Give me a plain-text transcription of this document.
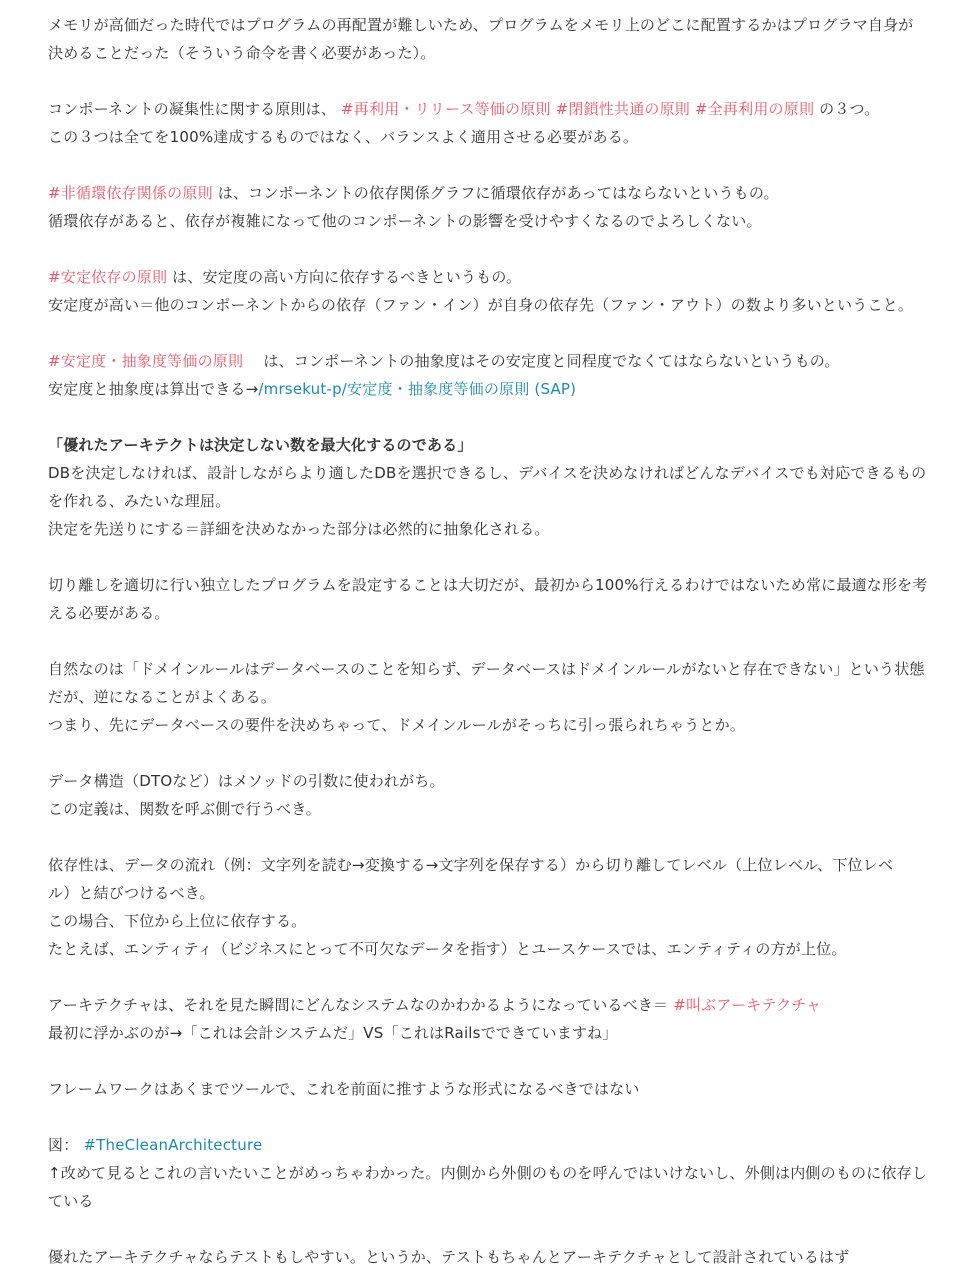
メモリが高価だった時代ではプログラムの再配置が難しいため、プログラムをメモリ上のどこに配置するかはプログラマ自身が
決めることだった（そういう命令を書く必要があった）。
コンポーネントの凝集性に関する原則は、 #再利用・リリース等価の原則 #閉鎖性共通の原則 #全再利用の原則 の３つ。
この３つは全てを100%達成するものではなく、バランスよく適用させる必要がある。
#非循環依存関係の原則 は、コンポーネントの依存関係グラフに循環依存があってはならないというもの。
循環依存があると、依存が複雑になって他のコンポーネントの影響を受けやすくなるのでよろしくない。
#安定依存の原則 は、安定度の高い方向に依存するべきというもの。
安定度が高い＝他のコンポーネントからの依存（ファン・イン）が自身の依存先（ファン・アウト）の数より多いということ。
#安定度・抽象度等価の原則 　は、コンポーネントの抽象度はその安定度と同程度でなくてはならないというもの。
安定度と抽象度は算出できる→/mrsekut-p/安定度・抽象度等価の原則 (SAP)
「優れたアーキテクトは決定しない数を最大化するのである」
DBを決定しなければ、設計しながらより適したDBを選択できるし、デバイスを決めなければどんなデバイスでも対応できるもの
を作れる、みたいな理屈。
決定を先送りにする＝詳細を決めなかった部分は必然的に抽象化される。
切り離しを適切に行い独立したプログラムを設定することは大切だが、最初から100%行えるわけではないため常に最適な形を考
える必要がある。
自然なのは「ドメインルールはデータベースのことを知らず、データベースはドメインルールがないと存在できない」という状態
だが、逆になることがよくある。
つまり、先にデータベースの要件を決めちゃって、ドメインルールがそっちに引っ張られちゃうとか。
データ構造（DTOなど）はメソッドの引数に使われがち。
この定義は、関数を呼ぶ側で行うべき。
依存性は、データの流れ（例：文字列を読む→変換する→文字列を保存する）から切り離してレベル（上位レベル、下位レベ
ル）と結びつけるべき。
この場合、下位から上位に依存する。
たとえば、エンティティ（ビジネスにとって不可欠なデータを指す）とユースケースでは、エンティティの方が上位。
アーキテクチャは、それを見た瞬間にどんなシステムなのかわかるようになっているべき＝ #叫ぶアーキテクチャ
最初に浮かぶのが→「これは会計システムだ」VS「これはRailsでできていますね」
フレームワークはあくまでツールで、これを前面に推すような形式になるべきではない
図： #TheCleanArchitecture
↑改めて見るとこれの言いたいことがめっちゃわかった。内側から外側のものを呼んではいけないし、外側は内側のものに依存し
ている
優れたアーキテクチャならテストもしやすい。というか、テストもちゃんとアーキテクチャとして設計されているはず
